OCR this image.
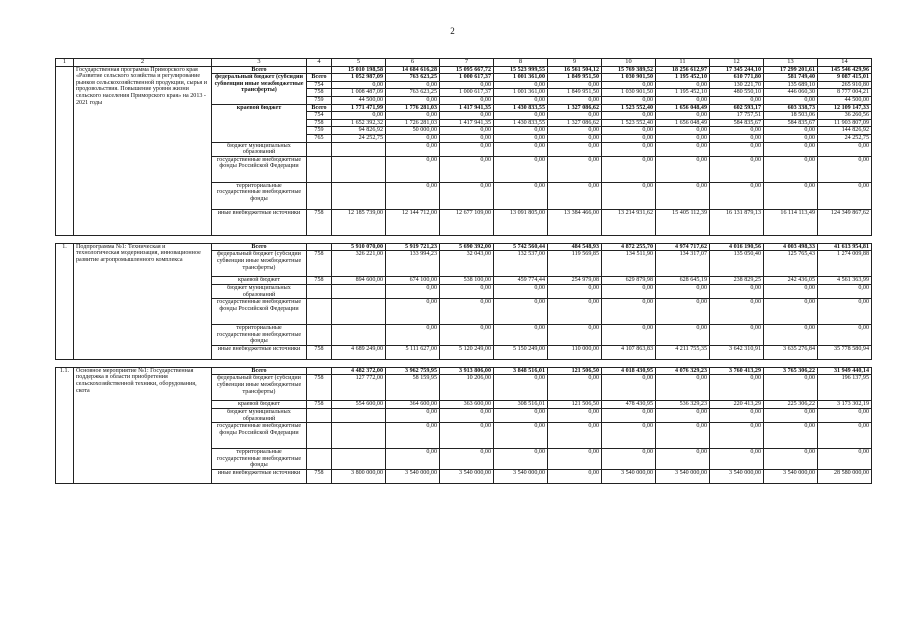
2
1	2	3	4	5	6	7	8	9	10	11	12	13	14
	Государственная программа Приморского края «Развитие сельского хозяйства и регулирование рынков сельскохозяйственной продукции, сырья и продовольствия. Повышение уровня жизни сельского населения Приморского края» на 2013 - 2021 годы	Всего		15 010 198,58	14 684 616,28	15 095 667,72	15 523 999,55	16 561 504,12	15 769 389,52	18 256 612,97	17 345 244,10	17 299 201,61	145 546 429,96
		федеральный бюджет (субсидии субвенции иные межбюджетные трансферты)	Всего	1 052 987,09	763 623,25	1 000 617,37	1 001 361,00	1 849 951,50	1 030 901,50	1 195 452,10	610 771,80	581 749,40	9 087 415,01
			754	0,00	0,00	0,00	0,00	0,00	0,00	0,00	130 221,70	135 689,10	265 910,80
			758	1 008 487,09	763 623,25	1 000 617,37	1 001 361,00	1 849 951,50	1 030 901,50	1 195 452,10	480 550,10	446 060,30	8 777 004,21
			759	44 500,00	0,00	0,00	0,00	0,00	0,00	0,00	0,00	0,00	44 500,00
		краевой бюджет	Всего	1 771 471,99	1 776 281,03	1 417 941,35	1 430 833,55	1 327 086,62	1 523 552,40	1 656 048,49	602 593,17	603 338,73	12 109 147,33
			754	0,00	0,00	0,00	0,00	0,00	0,00	0,00	17 757,51	18 503,06	36 260,56
			758	1 652 392,32	1 726 281,03	1 417 941,35	1 430 833,55	1 327 086,62	1 523 552,40	1 656 048,49	584 835,67	584 835,67	11 903 807,09
			759	94 826,92	50 000,00	0,00	0,00	0,00	0,00	0,00	0,00	0,00	144 826,92
			765	24 252,75	0,00	0,00	0,00	0,00	0,00	0,00	0,00	0,00	24 252,75
		бюджет муниципальных образований			0,00	0,00	0,00	0,00	0,00	0,00	0,00	0,00	0,00
		государственные внебюджетные фонды Российской Федерации			0,00	0,00	0,00	0,00	0,00	0,00	0,00	0,00	0,00
		территориальные государственные внебюджетные фонды			0,00	0,00	0,00	0,00	0,00	0,00	0,00	0,00	0,00
		иные внебюджетные источники	758	12 185 739,00	12 144 712,00	12 677 109,00	13 091 805,00	13 384 466,00	13 214 931,62	15 405 112,39	16 131 879,13	16 114 113,49	124 349 867,62

1.	Подпрограмма №1: Техническая и технологическая модернизация, инновационное развитие агропромышленного комплекса	Всего		5 910 070,00	5 919 721,23	5 690 392,00	5 742 560,44	484 548,93	4 872 255,70	4 974 717,62	4 016 190,56	4 003 498,33	41 613 954,81
		федеральный бюджет (субсидии субвенции иные межбюджетные трансферты)	758	326 221,00	133 994,23	32 043,00	132 537,00	119 569,85	134 511,90	134 317,07	135 050,40	125 765,43	1 274 009,88
		краевой бюджет	758	894 600,00	674 100,00	538 100,00	459 774,44	254 979,08	629 879,98	628 645,19	238 829,25	242 436,05	4 561 363,99
		бюджет муниципальных образований			0,00	0,00	0,00	0,00	0,00	0,00	0,00	0,00	0,00
		государственные внебюджетные фонды Российской Федерации			0,00	0,00	0,00	0,00	0,00	0,00	0,00	0,00	0,00
		территориальные государственные внебюджетные фонды			0,00	0,00	0,00	0,00	0,00	0,00	0,00	0,00	0,00
		иные внебюджетные источники	758	4 689 249,00	5 111 627,00	5 120 249,00	5 150 249,00	110 000,00	4 107 863,83	4 211 755,35	3 642 310,91	3 635 276,84	35 778 580,94

1.1.	Основное мероприятие №1: Государственная поддержка в области приобретения сельскохозяйственной техники, оборудования, скота	Всего		4 482 372,00	3 962 759,95	3 913 806,00	3 848 516,01	121 506,50	4 018 430,95	4 076 329,23	3 760 413,29	3 765 306,22	31 949 440,14
		федеральный бюджет (субсидии субвенции иные межбюджетные трансферты)	758	127 772,00	58 159,95	10 206,00	0,00	0,00	0,00	0,00	0,00	0,00	196 137,95
		краевой бюджет	758	554 600,00	364 600,00	363 600,00	308 516,01	121 506,50	478 430,95	536 329,23	220 413,29	225 306,22	3 173 302,19
		бюджет муниципальных образований			0,00	0,00	0,00	0,00	0,00	0,00	0,00	0,00	0,00
		государственные внебюджетные фонды Российской Федерации			0,00	0,00	0,00	0,00	0,00	0,00	0,00	0,00	0,00
		территориальные государственные внебюджетные фонды			0,00	0,00	0,00	0,00	0,00	0,00	0,00	0,00	0,00
		иные внебюджетные источники	758	3 800 000,00	3 540 000,00	3 540 000,00	3 540 000,00	0,00	3 540 000,00	3 540 000,00	3 540 000,00	3 540 000,00	28 580 000,00
